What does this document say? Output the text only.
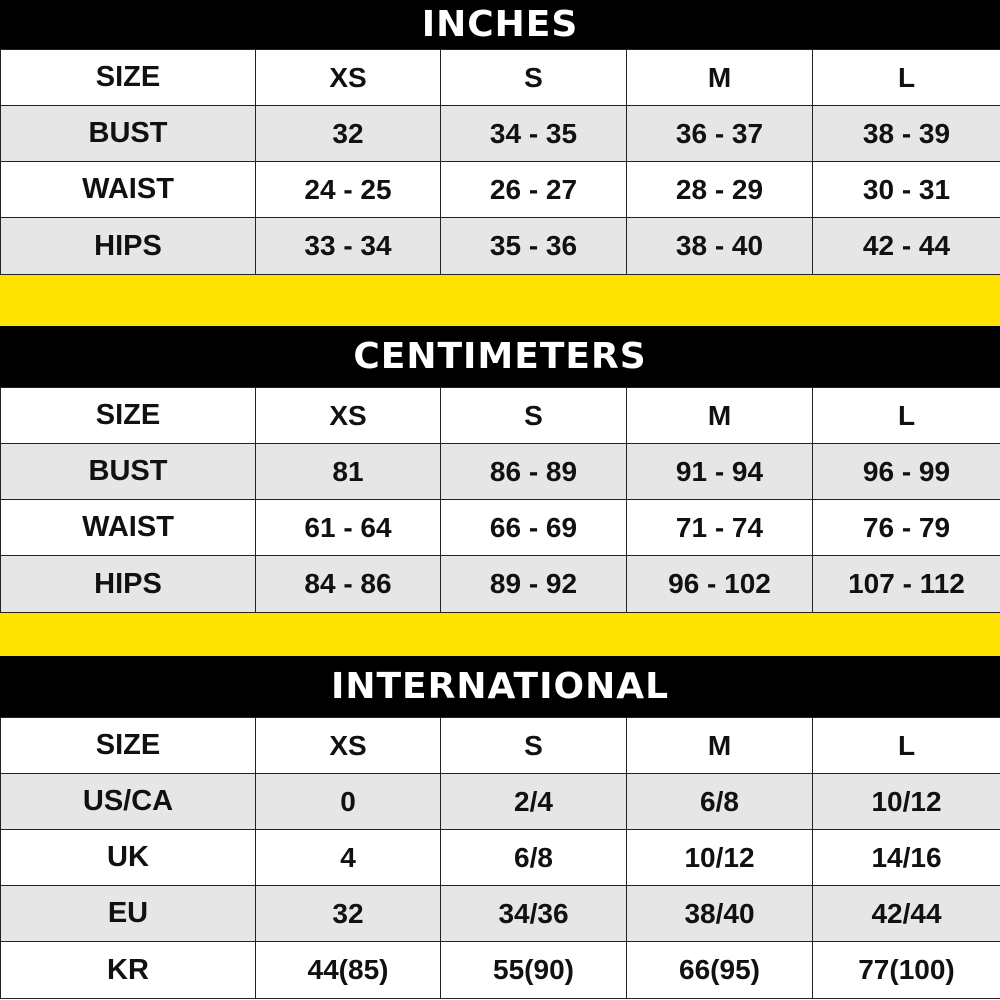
INCHES
SIZE	XS	S	M	L
BUST	32	34 - 35	36 - 37	38 - 39
WAIST	24 - 25	26 - 27	28 - 29	30 - 31
HIPS	33 - 34	35 - 36	38 - 40	42 - 44
CENTIMETERS
SIZE	XS	S	M	L
BUST	81	86 - 89	91 - 94	96 - 99
WAIST	61 - 64	66 - 69	71 - 74	76 - 79
HIPS	84 - 86	89 - 92	96 - 102	107 - 112
INTERNATIONAL
SIZE	XS	S	M	L
US/CA	0	2/4	6/8	10/12
UK	4	6/8	10/12	14/16
EU	32	34/36	38/40	42/44
KR	44(85)	55(90)	66(95)	77(100)
